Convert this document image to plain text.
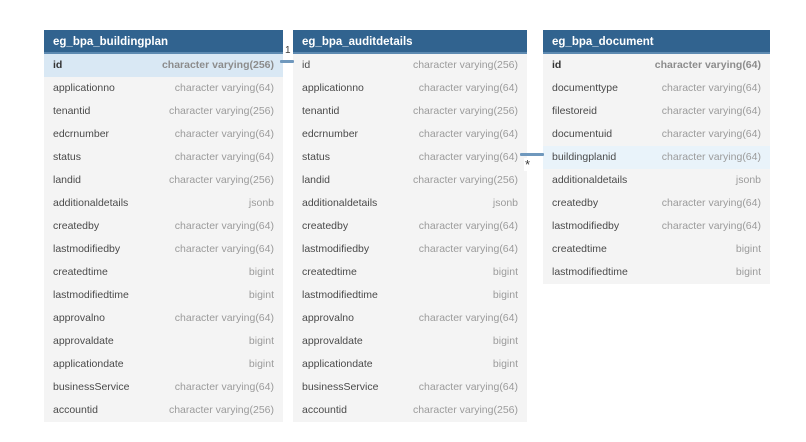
eg_bpa_buildingplan
id	character varying(256)
applicationno	character varying(64)
tenantid	character varying(256)
edcrnumber	character varying(64)
status	character varying(64)
landid	character varying(256)
additionaldetails	jsonb
createdby	character varying(64)
lastmodifiedby	character varying(64)
createdtime	bigint
lastmodifiedtime	bigint
approvalno	character varying(64)
approvaldate	bigint
applicationdate	bigint
businessService	character varying(64)
accountid	character varying(256)
eg_bpa_auditdetails
id	character varying(256)
applicationno	character varying(64)
tenantid	character varying(256)
edcrnumber	character varying(64)
status	character varying(64)
landid	character varying(256)
additionaldetails	jsonb
createdby	character varying(64)
lastmodifiedby	character varying(64)
createdtime	bigint
lastmodifiedtime	bigint
approvalno	character varying(64)
approvaldate	bigint
applicationdate	bigint
businessService	character varying(64)
accountid	character varying(256)
eg_bpa_document
id	character varying(64)
documenttype	character varying(64)
filestoreid	character varying(64)
documentuid	character varying(64)
buildingplanid	character varying(64)
additionaldetails	jsonb
createdby	character varying(64)
lastmodifiedby	character varying(64)
createdtime	bigint
lastmodifiedtime	bigint
1
*
